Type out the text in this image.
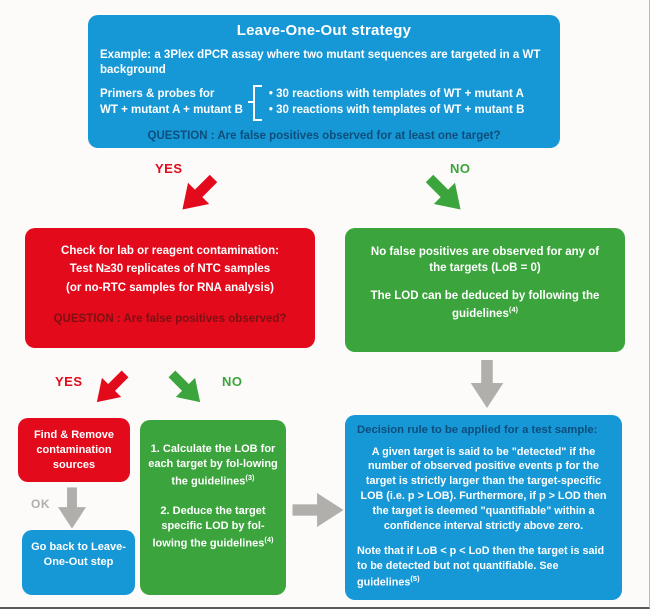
Leave-One-Out strategy
Example: a 3Plex dPCR assay where two mutant sequences are targeted in a WT background
Primers & probes for
WT + mutant A + mutant B
• 30 reactions with templates of WT + mutant A
• 30 reactions with templates of WT + mutant B
QUESTION : Are false positives observed for at least one target?
YES	NO
Check for lab or reagent contamination:
Test N≥30 replicates of NTC samples
(or no-RTC samples for RNA analysis)
QUESTION : Are false positives observed?
No false positives are observed for any of the targets (LoB = 0)
The LOD can be deduced by following the guidelines$^{(4)}$
YES	NO
Find & Remove contamination sources
OK
Go back to Leave-One-Out step
1. Calculate the LOB for each target by fol-lowing the guidelines$^{(3)}$
2. Deduce the target specific LOD by fol-lowing the guidelines$^{(4)}$
Decision rule to be applied for a test sample:
A given target is said to be "detected" if the number of observed positive events p for the target is strictly larger than the target-specific LOB (i.e. p > LOB). Furthermore, if p > LOD then the target is deemed "quantifiable" within a confidence interval strictly above zero.
Note that if LoB < p < LoD then the target is said to be detected but not quantifiable. See guidelines$^{(5)}$
